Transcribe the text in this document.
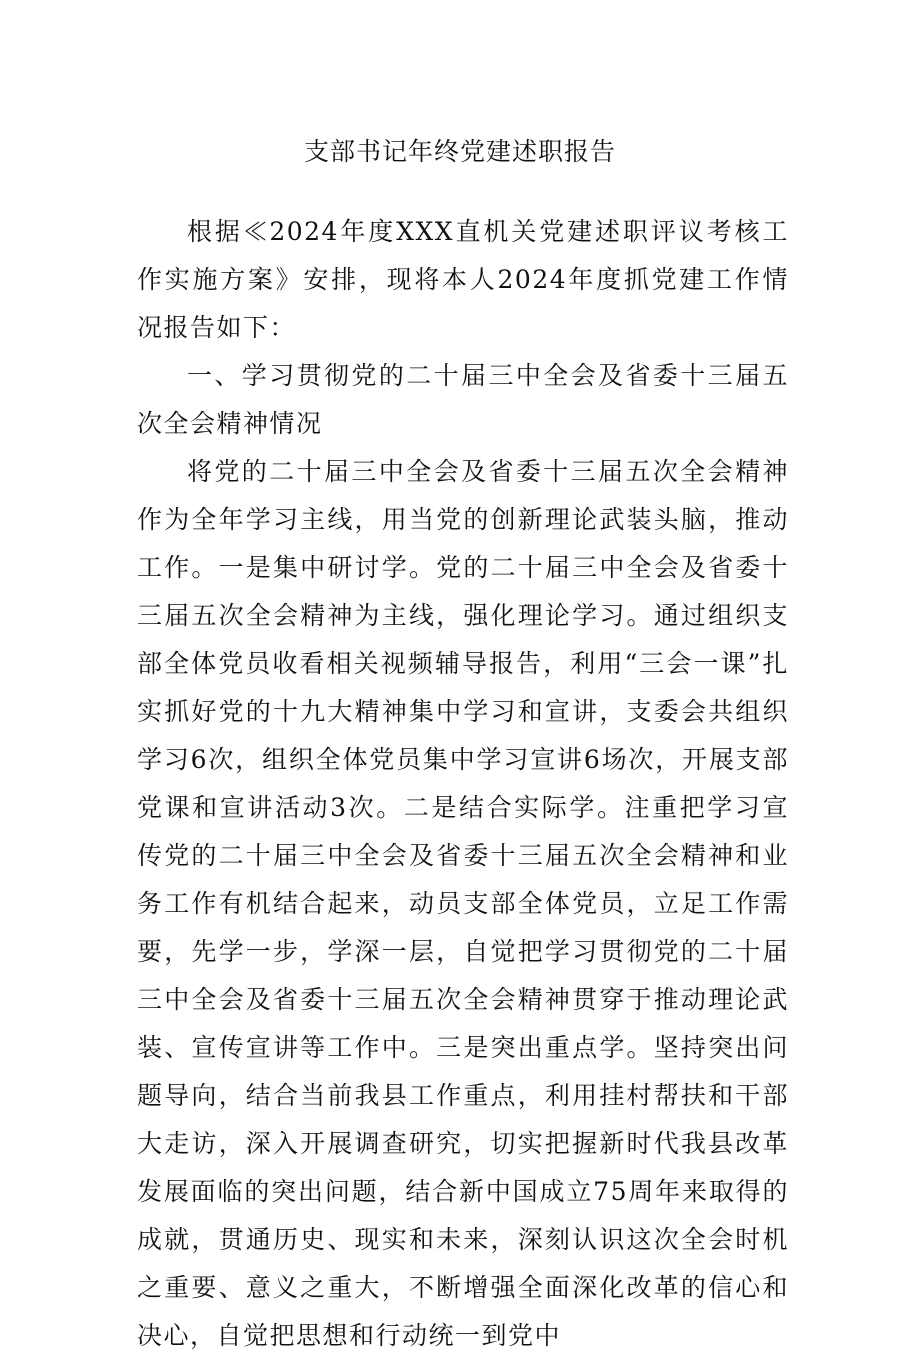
支部书记年终党建述职报告

根据≪2024年度XXX直机关党建述职评议考核工作实施方案》安排，现将本人2024年度抓党建工作情况报告如下：

一、学习贯彻党的二十届三中全会及省委十三届五次全会精神情况

将党的二十届三中全会及省委十三届五次全会精神作为全年学习主线，用当党的创新理论武装头脑，推动工作。一是集中研讨学。党的二十届三中全会及省委十三届五次全会精神为主线，强化理论学习。通过组织支部全体党员收看相关视频辅导报告，利用“三会一课”扎实抓好党的十九大精神集中学习和宣讲，支委会共组织学习6次，组织全体党员集中学习宣讲6场次，开展支部党课和宣讲活动3次。二是结合实际学。注重把学习宣传党的二十届三中全会及省委十三届五次全会精神和业务工作有机结合起来，动员支部全体党员，立足工作需要，先学一步，学深一层，自觉把学习贯彻党的二十届三中全会及省委十三届五次全会精神贯穿于推动理论武装、宣传宣讲等工作中。三是突出重点学。坚持突出问题导向，结合当前我县工作重点，利用挂村帮扶和干部大走访，深入开展调查研究，切实把握新时代我县改革发展面临的突出问题，结合新中国成立75周年来取得的成就，贯通历史、现实和未来，深刻认识这次全会时机之重要、意义之重大，不断增强全面深化改革的信心和决心，自觉把思想和行动统一到党中
